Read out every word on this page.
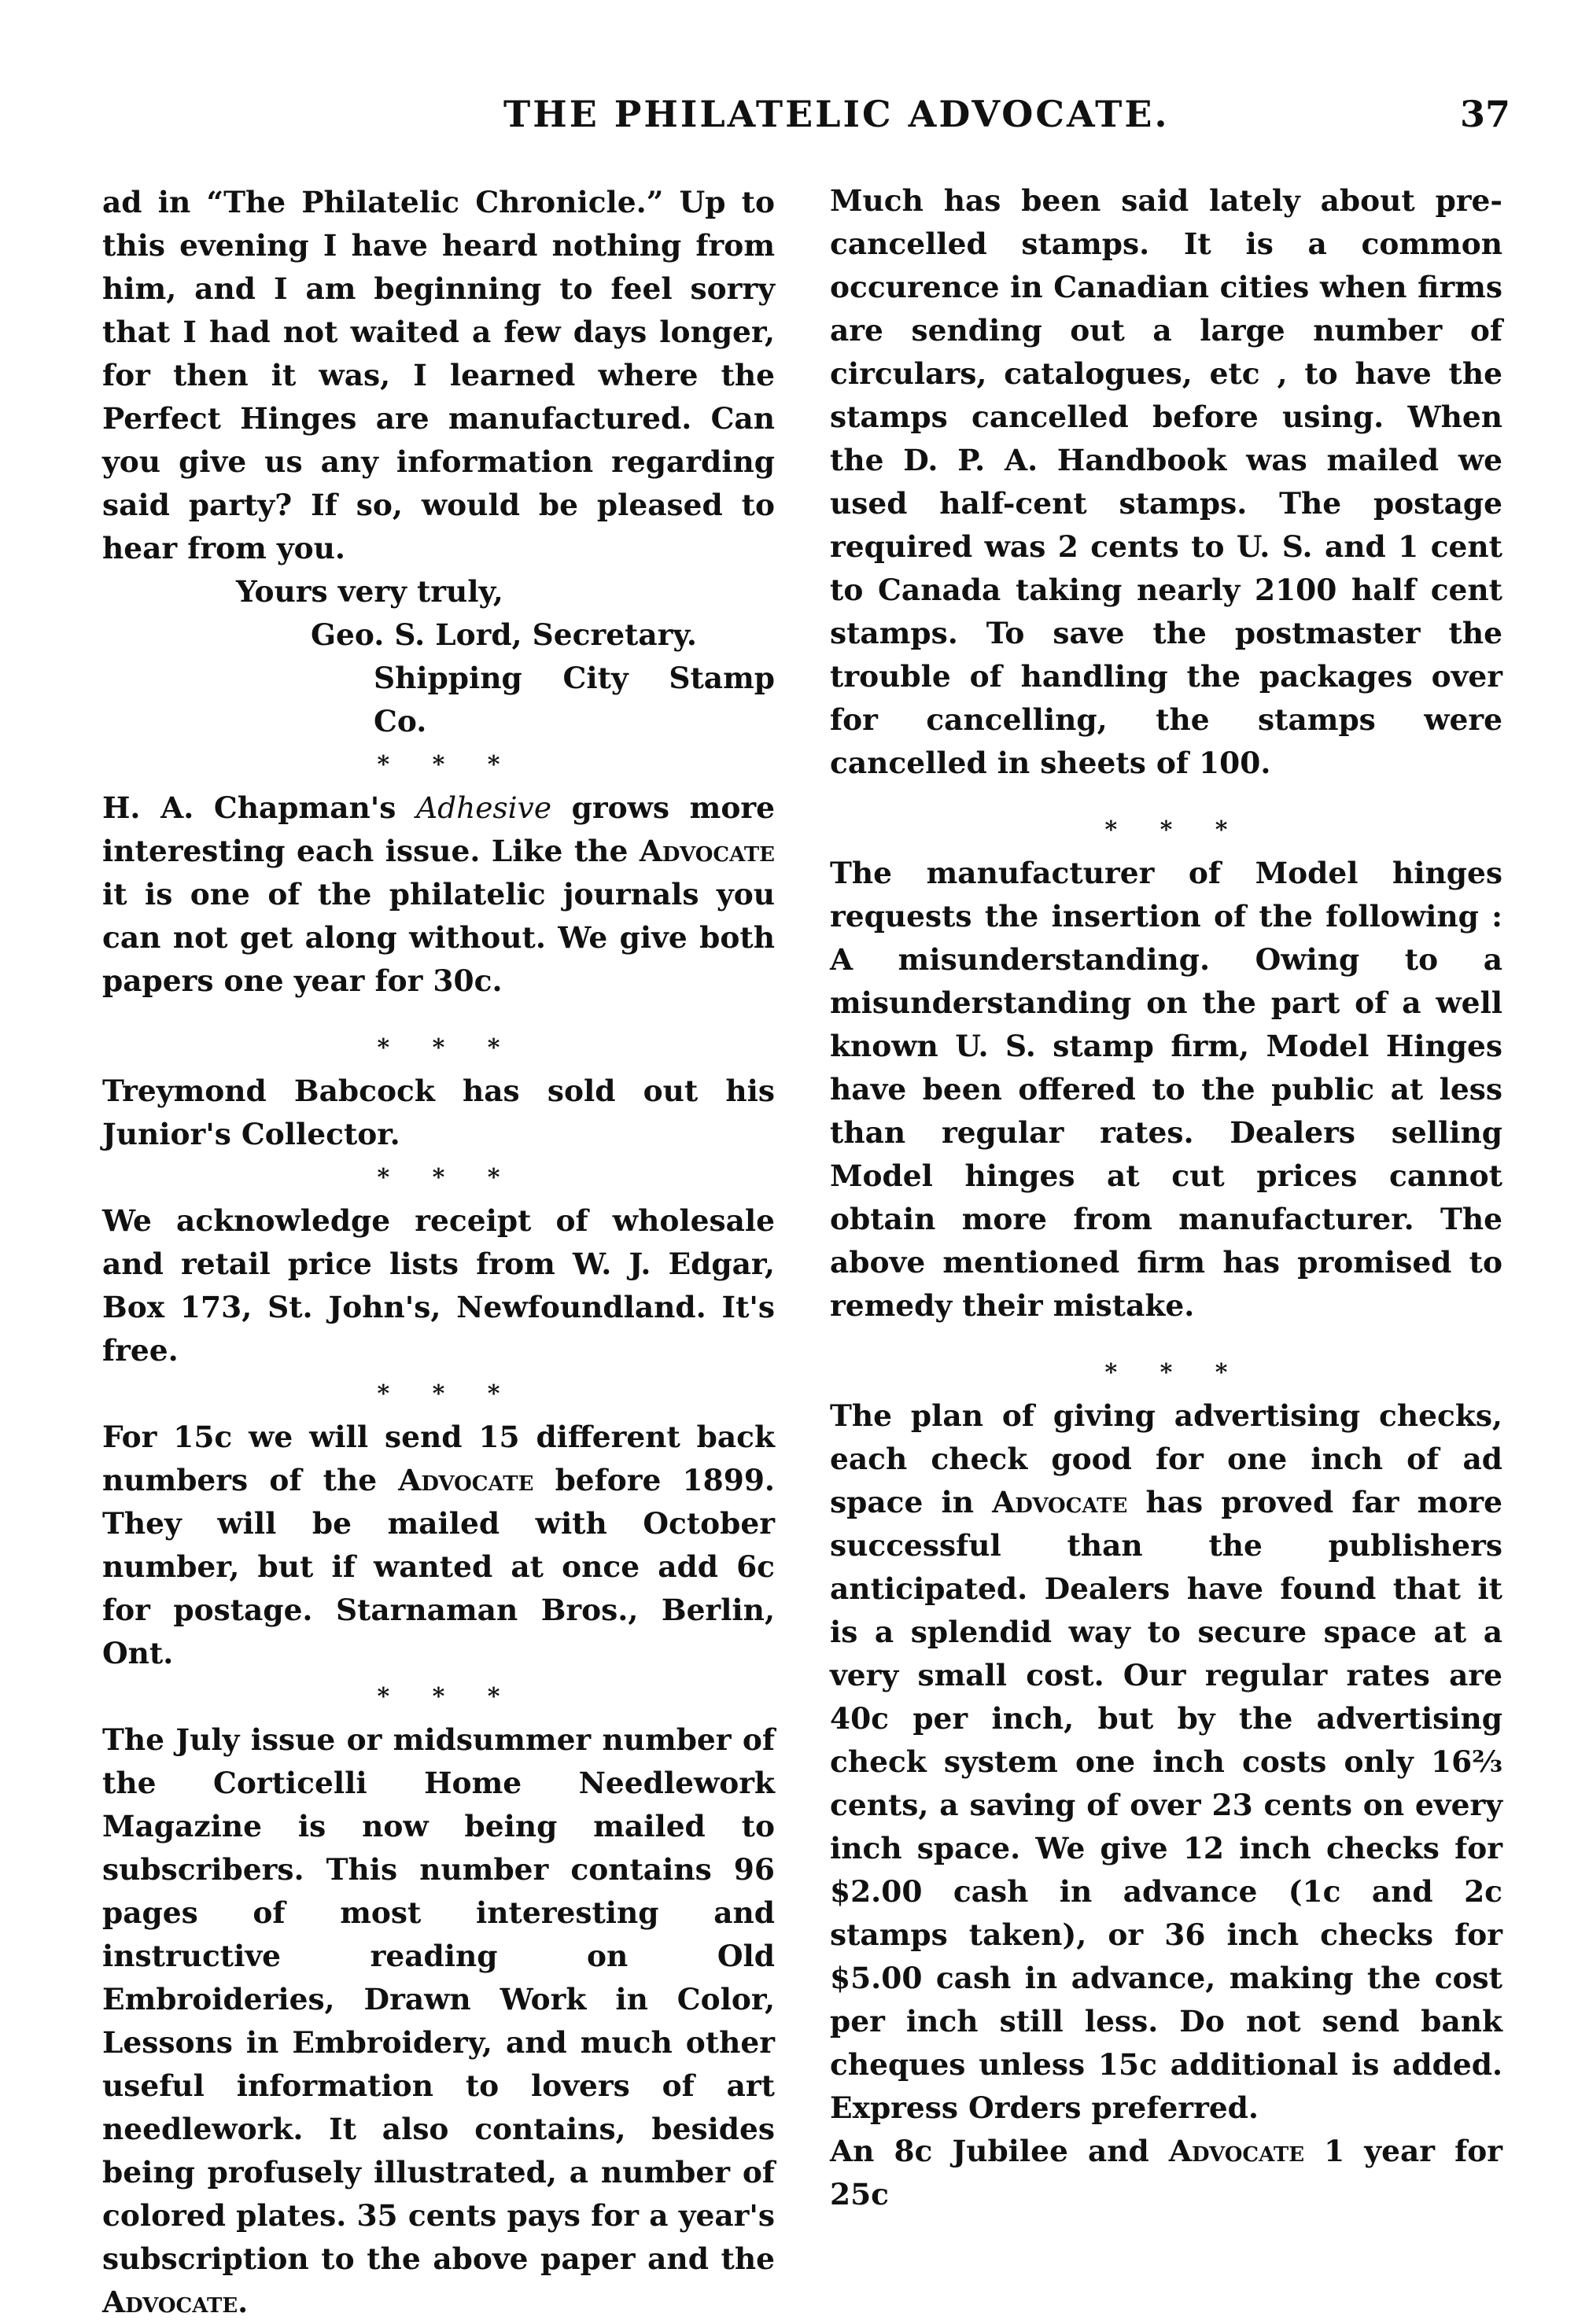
THE PHILATELIC ADVOCATE.	37

ad in “The Philatelic Chronicle.” Up to this evening I have heard nothing from him, and I am beginning to feel sorry that I had not waited a few days longer, for then it was, I learned where the Perfect Hinges are manufactured. Can you give us any information regarding said party? If so, would be pleased to hear from you.

Yours very truly,
Geo. S. Lord, Secretary.
Shipping City Stamp Co.
* * *

H. A. Chapman's Adhesive grows more interesting each issue. Like the Advocate it is one of the philatelic journals you can not get along without. We give both papers one year for 30c.

* * *

Treymond Babcock has sold out his Junior's Collector.

* * *

We acknowledge receipt of wholesale and retail price lists from W. J. Edgar, Box 173, St. John's, Newfoundland. It's free.

* * *

For 15c we will send 15 different back numbers of the Advocate before 1899. They will be mailed with October number, but if wanted at once add 6c for postage. Starnaman Bros., Berlin, Ont.

* * *

The July issue or midsummer number of the Corticelli Home Needlework Magazine is now being mailed to subscribers. This number contains 96 pages of most interesting and instructive reading on Old Embroideries, Drawn Work in Color, Lessons in Embroidery, and much other useful information to lovers of art needlework. It also contains, besides being profusely illustrated, a number of colored plates. 35 cents pays for a year's subscription to the above paper and the Advocate.

Much has been said lately about pre-cancelled stamps. It is a common occurence in Canadian cities when firms are sending out a large number of circulars, catalogues, etc , to have the stamps cancelled before using. When the D. P. A. Handbook was mailed we used half-cent stamps. The postage required was 2 cents to U. S. and 1 cent to Canada taking nearly 2100 half cent stamps. To save the postmaster the trouble of handling the packages over for cancelling, the stamps were cancelled in sheets of 100.

* * *

The manufacturer of Model hinges requests the insertion of the following : A misunderstanding. Owing to a misunderstanding on the part of a well known U. S. stamp firm, Model Hinges have been offered to the public at less than regular rates. Dealers selling Model hinges at cut prices cannot obtain more from manufacturer. The above mentioned firm has promised to remedy their mistake.

* * *

The plan of giving advertising checks, each check good for one inch of ad space in Advocate has proved far more successful than the publishers anticipated. Dealers have found that it is a splendid way to secure space at a very small cost. Our regular rates are 40c per inch, but by the advertising check system one inch costs only 16⅔ cents, a saving of over 23 cents on every inch space. We give 12 inch checks for $2.00 cash in advance (1c and 2c stamps taken), or 36 inch checks for $5.00 cash in advance, making the cost per inch still less. Do not send bank cheques unless 15c additional is added. Express Orders preferred.

An 8c Jubilee and Advocate 1 year for 25c
